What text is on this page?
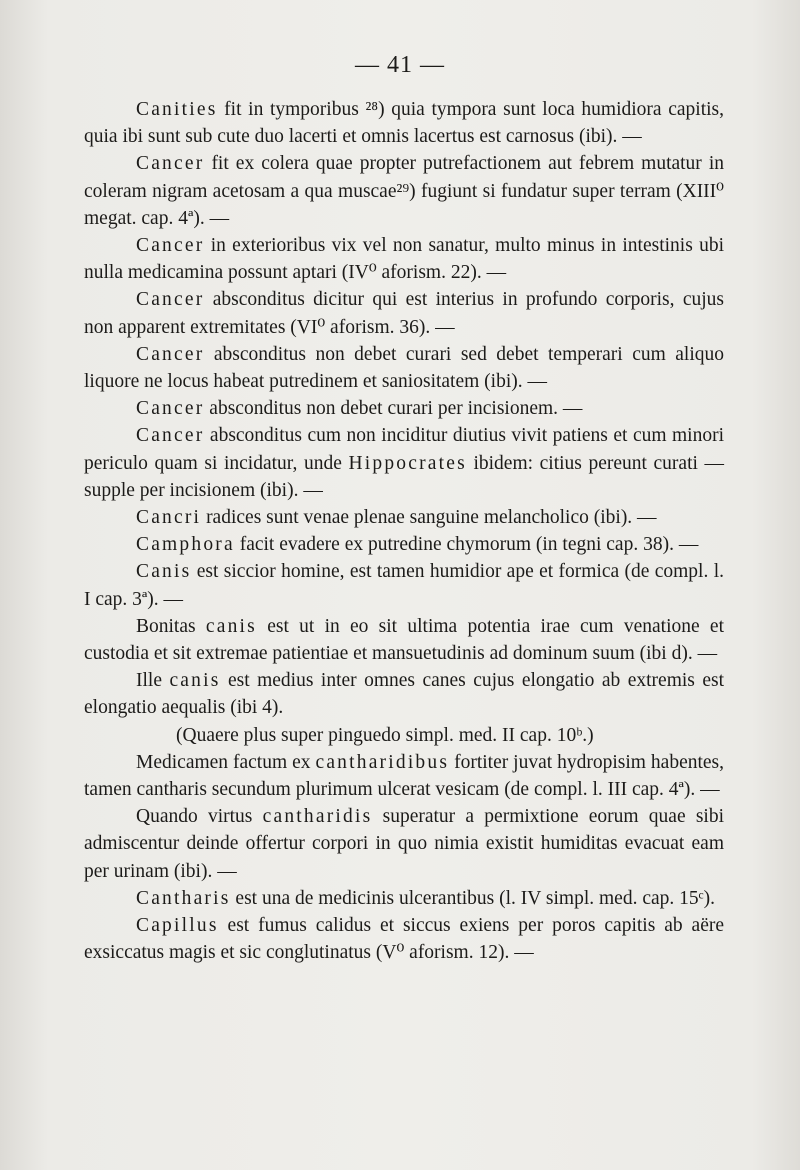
— 41 —

Canities fit in tymporibus ²⁸) quia tympora sunt loca humidiora capitis, quia ibi sunt sub cute duo lacerti et omnis lacertus est carnosus (ibi). —

Cancer fit ex colera quae propter putrefactionem aut febrem mutatur in coleram nigram acetosam a qua muscae²⁹) fugiunt si fundatur super terram (XIII⁰ megat. cap. 4ª). —

Cancer in exterioribus vix vel non sanatur, multo minus in intestinis ubi nulla medicamina possunt aptari (IV⁰ aforism. 22). —

Cancer absconditus dicitur qui est interius in profundo corporis, cujus non apparent extremitates (VI⁰ aforism. 36). —

Cancer absconditus non debet curari sed debet temperari cum aliquo liquore ne locus habeat putredinem et saniositatem (ibi). —

Cancer absconditus non debet curari per incisionem. —

Cancer absconditus cum non inciditur diutius vivit patiens et cum minori periculo quam si incidatur, unde Hippocrates ibidem: citius pereunt curati — supple per incisionem (ibi). —

Cancri radices sunt venae plenae sanguine melancholico (ibi). —

Camphora facit evadere ex putredine chymorum (in tegni cap. 38). —

Canis est siccior homine, est tamen humidior ape et formica (de compl. l. I cap. 3ª). —

Bonitas canis est ut in eo sit ultima potentia irae cum venatione et custodia et sit extremae patientiae et mansuetudinis ad dominum suum (ibi d). —

Ille canis est medius inter omnes canes cujus elongatio ab extremis est elongatio aequalis (ibi 4).

(Quaere plus super pinguedo simpl. med. II cap. 10ᵇ.)

Medicamen factum ex cantharidibus fortiter juvat hydropisim habentes, tamen cantharis secundum plurimum ulcerat vesicam (de compl. l. III cap. 4ª). —

Quando virtus cantharidis superatur a permixtione eorum quae sibi admiscentur deinde offertur corpori in quo nimia existit humiditas evacuat eam per urinam (ibi). —

Cantharis est una de medicinis ulcerantibus (l. IV simpl. med. cap. 15ᶜ).

Capillus est fumus calidus et siccus exiens per poros capitis ab aëre exsiccatus magis et sic conglutinatus (V⁰ aforism. 12). —
